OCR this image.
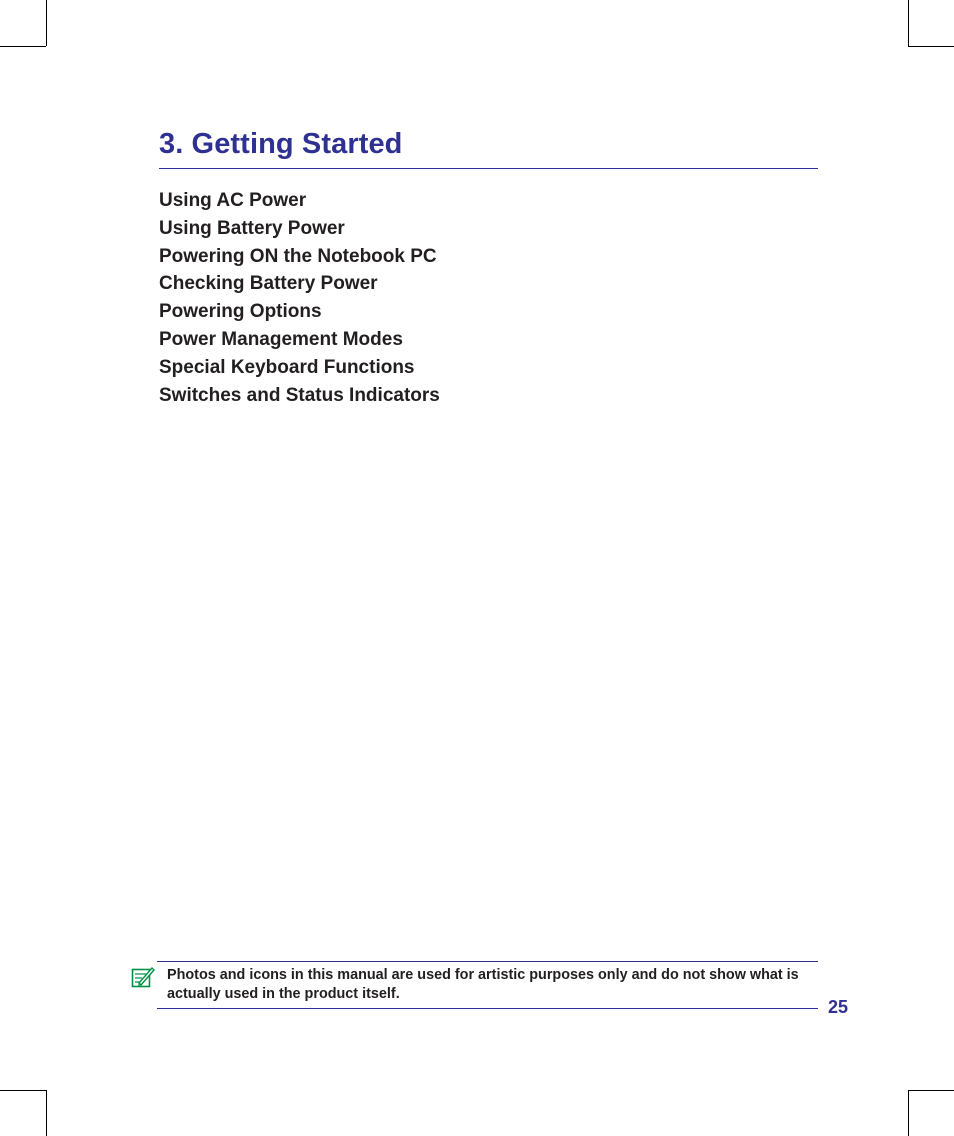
3. Getting Started
Using AC Power
Using Battery Power
Powering ON the Notebook PC
Checking Battery Power
Powering Options
Power Management Modes
Special Keyboard Functions
Switches and Status Indicators

Photos and icons in this manual are used for artistic purposes only and do not show what is actually used in the product itself.

25
